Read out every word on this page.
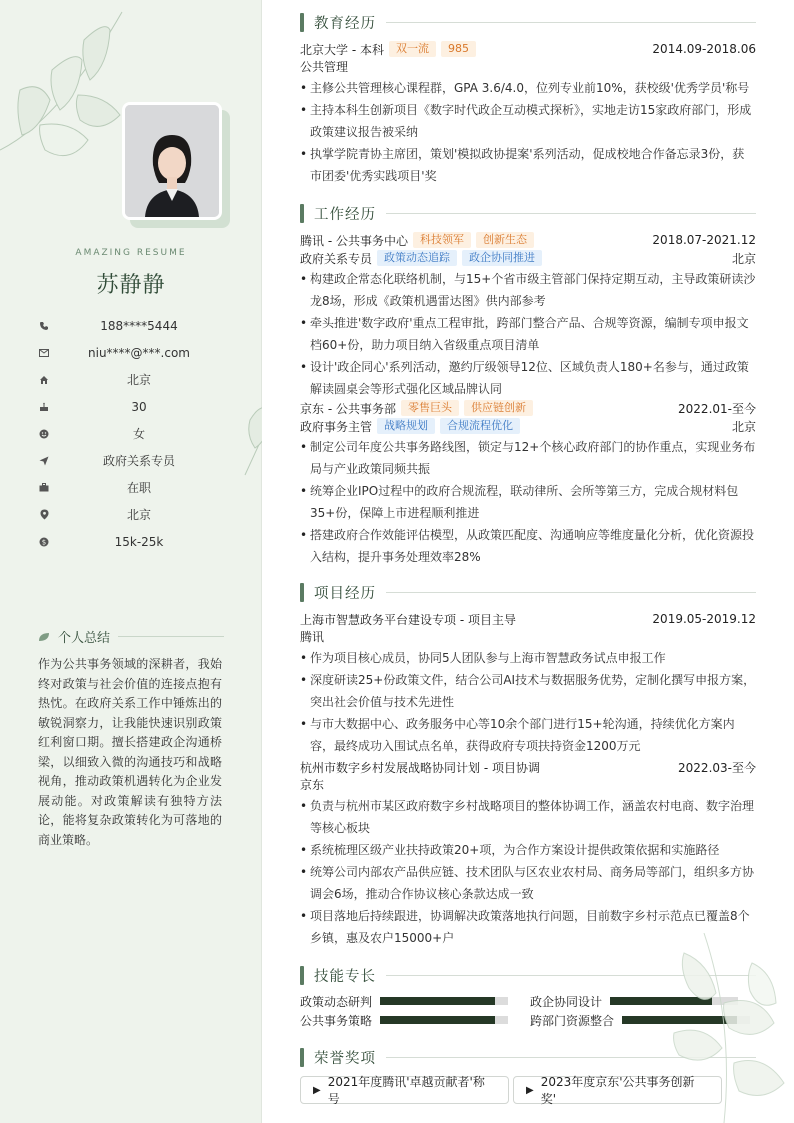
AMAZING RESUME
苏静静
188****5444
niu****@***.com
北京
30
女
政府关系专员
在职
北京
$	15k-25k
个人总结
作为公共事务领域的深耕者，我始终对政策与社会价值的连接点抱有热忱。在政府关系工作中锤炼出的敏锐洞察力，让我能快速识别政策红利窗口期。擅长搭建政企沟通桥梁，以细致入微的沟通技巧和战略视角，推动政策机遇转化为企业发展动能。对政策解读有独特方法论，能将复杂政策转化为可落地的商业策略。
教育经历
北京大学 - 本科	双一流	985	2014.09-2018.06
公共管理
• 主修公共管理核心课程群，GPA 3.6/4.0，位列专业前10%，获校级'优秀学员'称号
• 主持本科生创新项目《数字时代政企互动模式探析》，实地走访15家政府部门，形成政策建议报告被采纳
• 执掌学院青协主席团，策划'模拟政协提案'系列活动，促成校地合作备忘录3份，获市团委'优秀实践项目'奖
工作经历
腾讯 - 公共事务中心	科技领军	创新生态	2018.07-2021.12
政府关系专员	政策动态追踪	政企协同推进	北京
• 构建政企常态化联络机制，与15+个省市级主管部门保持定期互动，主导政策研读沙龙8场，形成《政策机遇雷达图》供内部参考
• 牵头推进'数字政府'重点工程审批，跨部门整合产品、合规等资源，编制专项申报文档60+份，助力项目纳入省级重点项目清单
• 设计'政企同心'系列活动，邀约厅级领导12位、区域负责人180+名参与，通过政策解读圆桌会等形式强化区域品牌认同
京东 - 公共事务部	零售巨头	供应链创新	2022.01-至今
政府事务主管	战略规划	合规流程优化	北京
• 制定公司年度公共事务路线图，锁定与12+个核心政府部门的协作重点，实现业务布局与产业政策同频共振
• 统筹企业IPO过程中的政府合规流程，联动律所、会所等第三方，完成合规材料包35+份，保障上市进程顺利推进
• 搭建政府合作效能评估模型，从政策匹配度、沟通响应等维度量化分析，优化资源投入结构，提升事务处理效率28%
项目经历
上海市智慧政务平台建设专项 - 项目主导	2019.05-2019.12
腾讯
• 作为项目核心成员，协同5人团队参与上海市智慧政务试点申报工作
• 深度研读25+份政策文件，结合公司AI技术与数据服务优势，定制化撰写申报方案，突出社会价值与技术先进性
• 与市大数据中心、政务服务中心等10余个部门进行15+轮沟通，持续优化方案内容，最终成功入围试点名单，获得政府专项扶持资金1200万元
杭州市数字乡村发展战略协同计划 - 项目协调	2022.03-至今
京东
• 负责与杭州市某区政府数字乡村战略项目的整体协调工作，涵盖农村电商、数字治理等核心板块
• 系统梳理区级产业扶持政策20+项，为合作方案设计提供政策依据和实施路径
• 统筹公司内部农产品供应链、技术团队与区农业农村局、商务局等部门，组织多方协调会6场，推动合作协议核心条款达成一致
• 项目落地后持续跟进，协调解决政策落地执行问题，目前数字乡村示范点已覆盖8个乡镇，惠及农户15000+户
技能专长
政策动态研判	政企协同设计
公共事务策略	跨部门资源整合
荣誉奖项
▶
2021年度腾讯'卓越贡献者'称号
▶
2023年度京东'公共事务创新奖'
